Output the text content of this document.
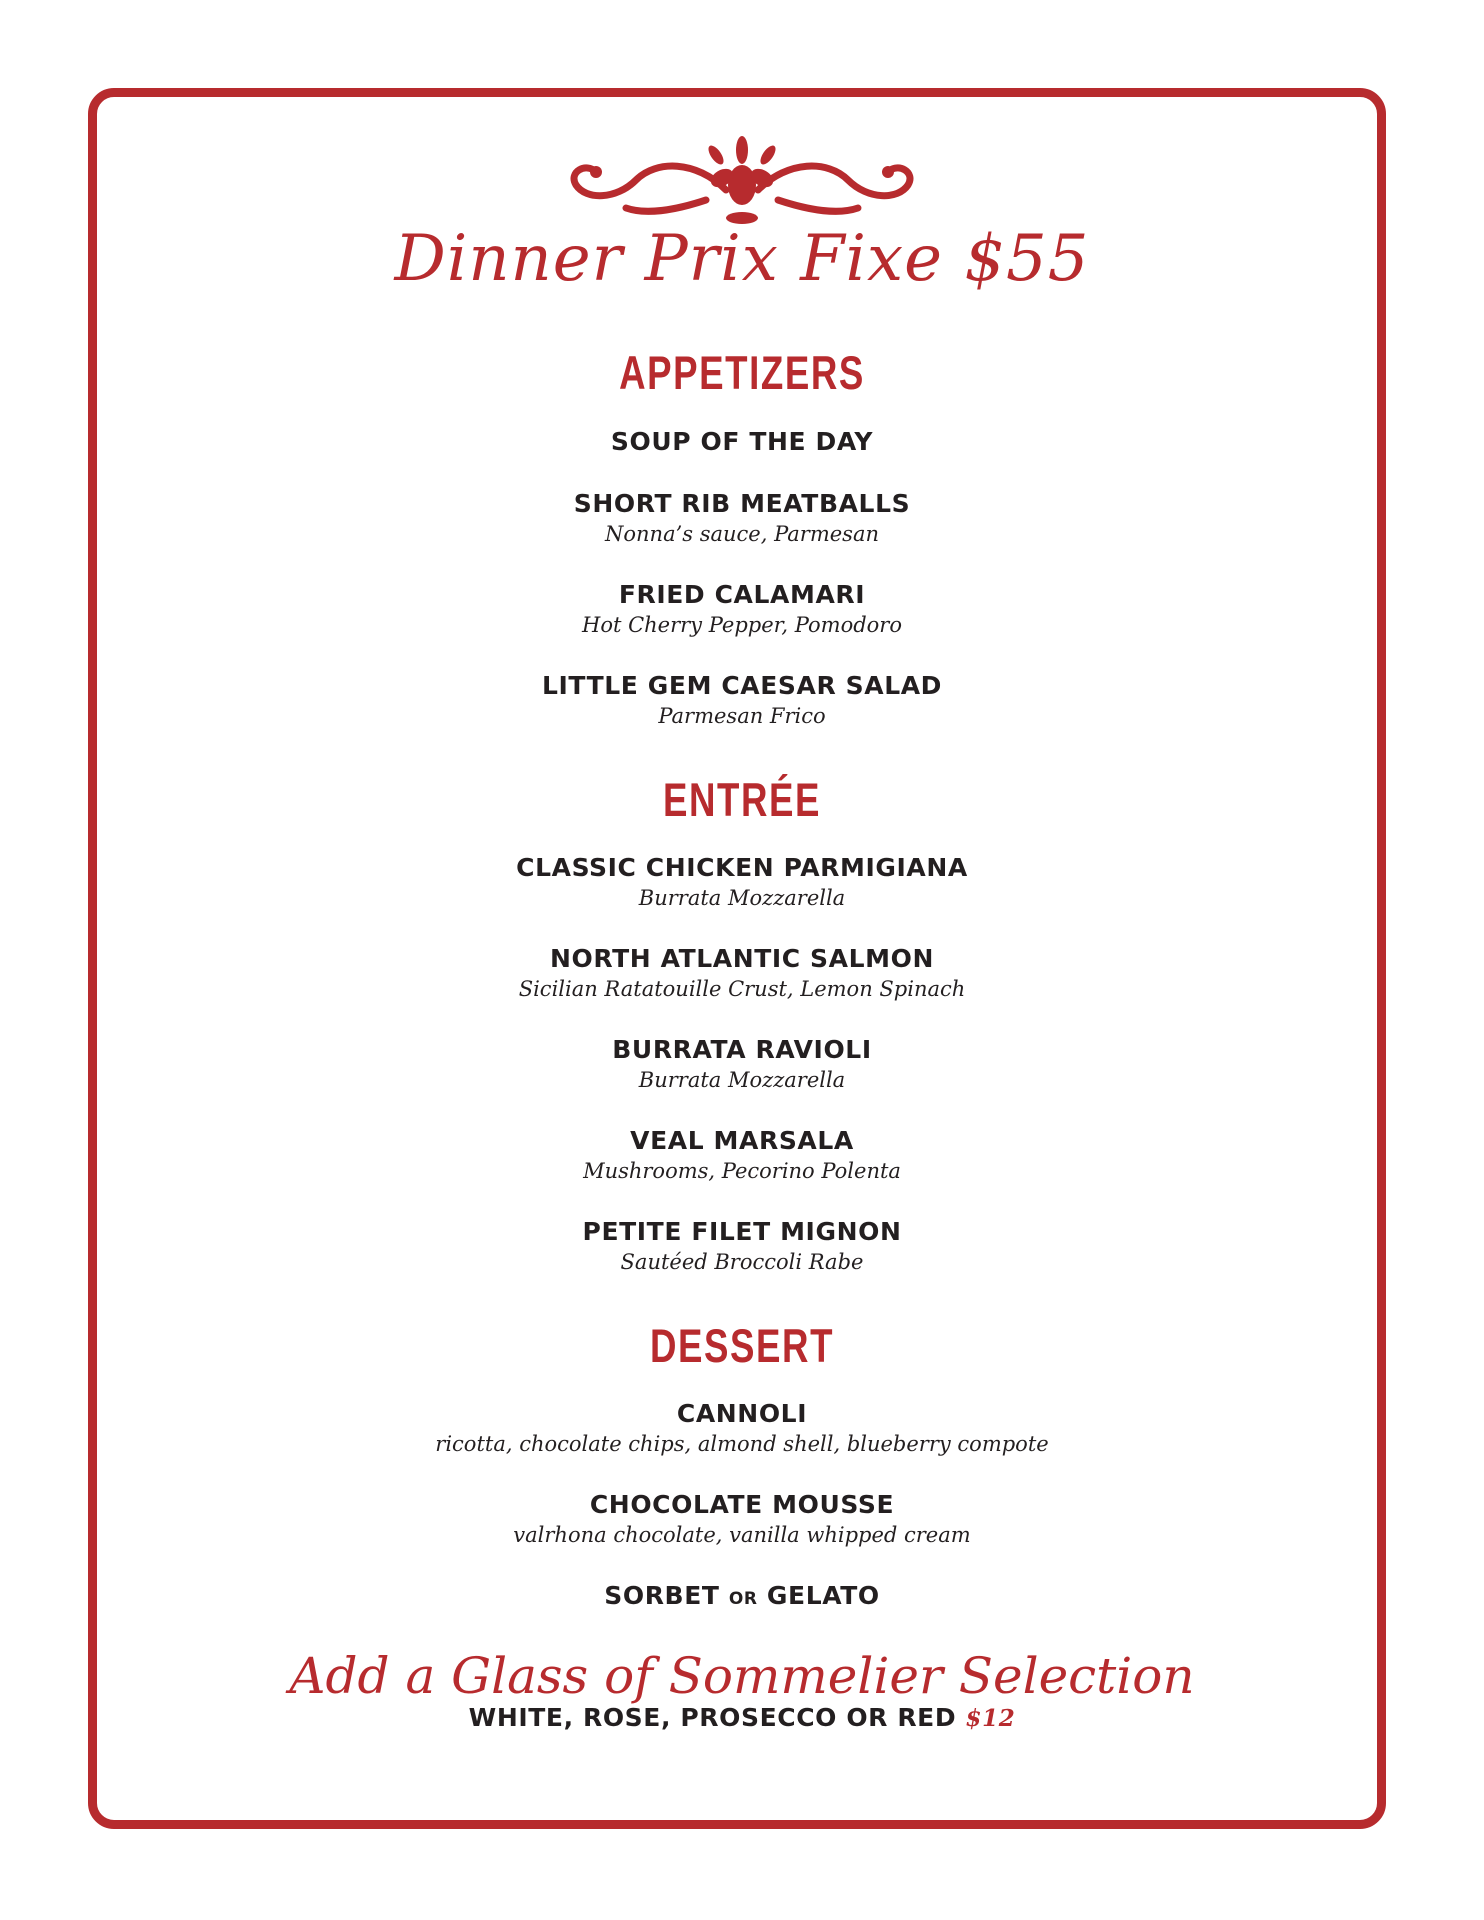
Dinner Prix Fixe $55
APPETIZERS
SOUP OF THE DAY
SHORT RIB MEATBALLS
Nonna’s sauce, Parmesan
FRIED CALAMARI
Hot Cherry Pepper, Pomodoro
LITTLE GEM CAESAR SALAD
Parmesan Frico
ENTRÉE
CLASSIC CHICKEN PARMIGIANA
Burrata Mozzarella
NORTH ATLANTIC SALMON
Sicilian Ratatouille Crust, Lemon Spinach
BURRATA RAVIOLI
Burrata Mozzarella
VEAL MARSALA
Mushrooms, Pecorino Polenta
PETITE FILET MIGNON
Sautéed Broccoli Rabe
DESSERT
CANNOLI
ricotta, chocolate chips, almond shell, blueberry compote
CHOCOLATE MOUSSE
valrhona chocolate, vanilla whipped cream
SORBET OR GELATO
Add a Glass of Sommelier Selection
WHITE, ROSE, PROSECCO OR RED $12
